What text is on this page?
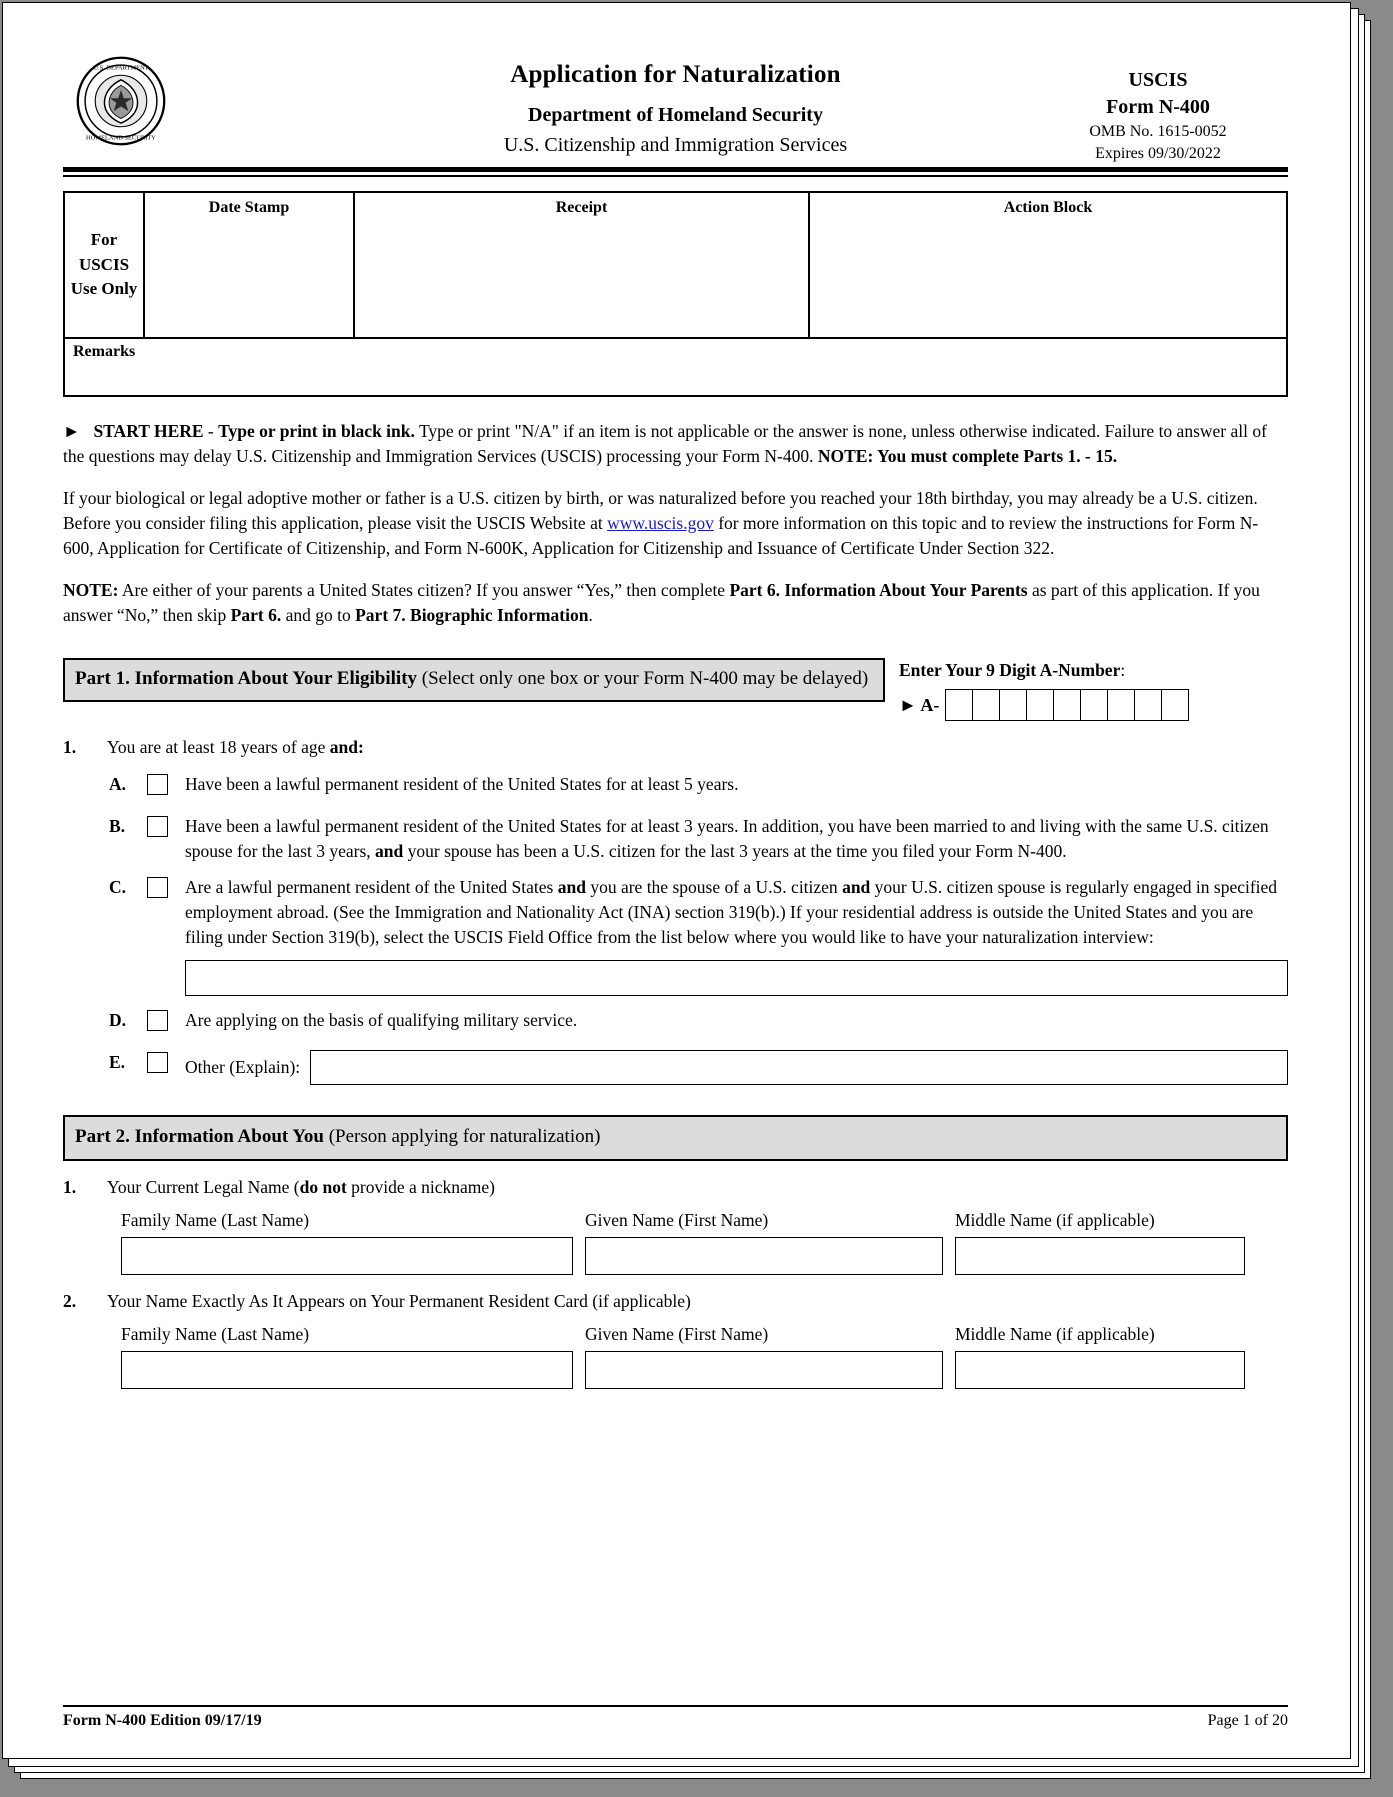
U.S. DEPARTMENT
HOMELAND SECURITY
Application for Naturalization
Department of Homeland Security
U.S. Citizenship and Immigration Services
USCIS
Form N-400
OMB No. 1615-0052
Expires 09/30/2022
For USCIS Use Only
Date Stamp	Receipt	Action Block
Remarks
► START HERE - Type or print in black ink. Type or print "N/A" if an item is not applicable or the answer is none, unless otherwise indicated. Failure to answer all of the questions may delay U.S. Citizenship and Immigration Services (USCIS) processing your Form N-400. NOTE: You must complete Parts 1. - 15.
If your biological or legal adoptive mother or father is a U.S. citizen by birth, or was naturalized before you reached your 18th birthday, you may already be a U.S. citizen. Before you consider filing this application, please visit the USCIS Website at www.uscis.gov for more information on this topic and to review the instructions for Form N-600, Application for Certificate of Citizenship, and Form N-600K, Application for Citizenship and Issuance of Certificate Under Section 322.
NOTE: Are either of your parents a United States citizen? If you answer “Yes,” then complete Part 6. Information About Your Parents as part of this application. If you answer “No,” then skip Part 6. and go to Part 7. Biographic Information.
Part 1. Information About Your Eligibility (Select only one box or your Form N-400 may be delayed)	Enter Your 9 Digit A-Number:
► A-
1.	You are at least 18 years of age and:
A.	Have been a lawful permanent resident of the United States for at least 5 years.
B.	Have been a lawful permanent resident of the United States for at least 3 years. In addition, you have been married to and living with the same U.S. citizen spouse for the last 3 years, and your spouse has been a U.S. citizen for the last 3 years at the time you filed your Form N-400.
C.	Are a lawful permanent resident of the United States and you are the spouse of a U.S. citizen and your U.S. citizen spouse is regularly engaged in specified employment abroad. (See the Immigration and Nationality Act (INA) section 319(b).) If your residential address is outside the United States and you are filing under Section 319(b), select the USCIS Field Office from the list below where you would like to have your naturalization interview:
D.	Are applying on the basis of qualifying military service.
E.	Other (Explain):
Part 2. Information About You (Person applying for naturalization)
1.	Your Current Legal Name (do not provide a nickname)
Family Name (Last Name)	Given Name (First Name)	Middle Name (if applicable)
2.	Your Name Exactly As It Appears on Your Permanent Resident Card (if applicable)
Family Name (Last Name)	Given Name (First Name)	Middle Name (if applicable)
Form N-400 Edition 09/17/19	Page 1 of 20
